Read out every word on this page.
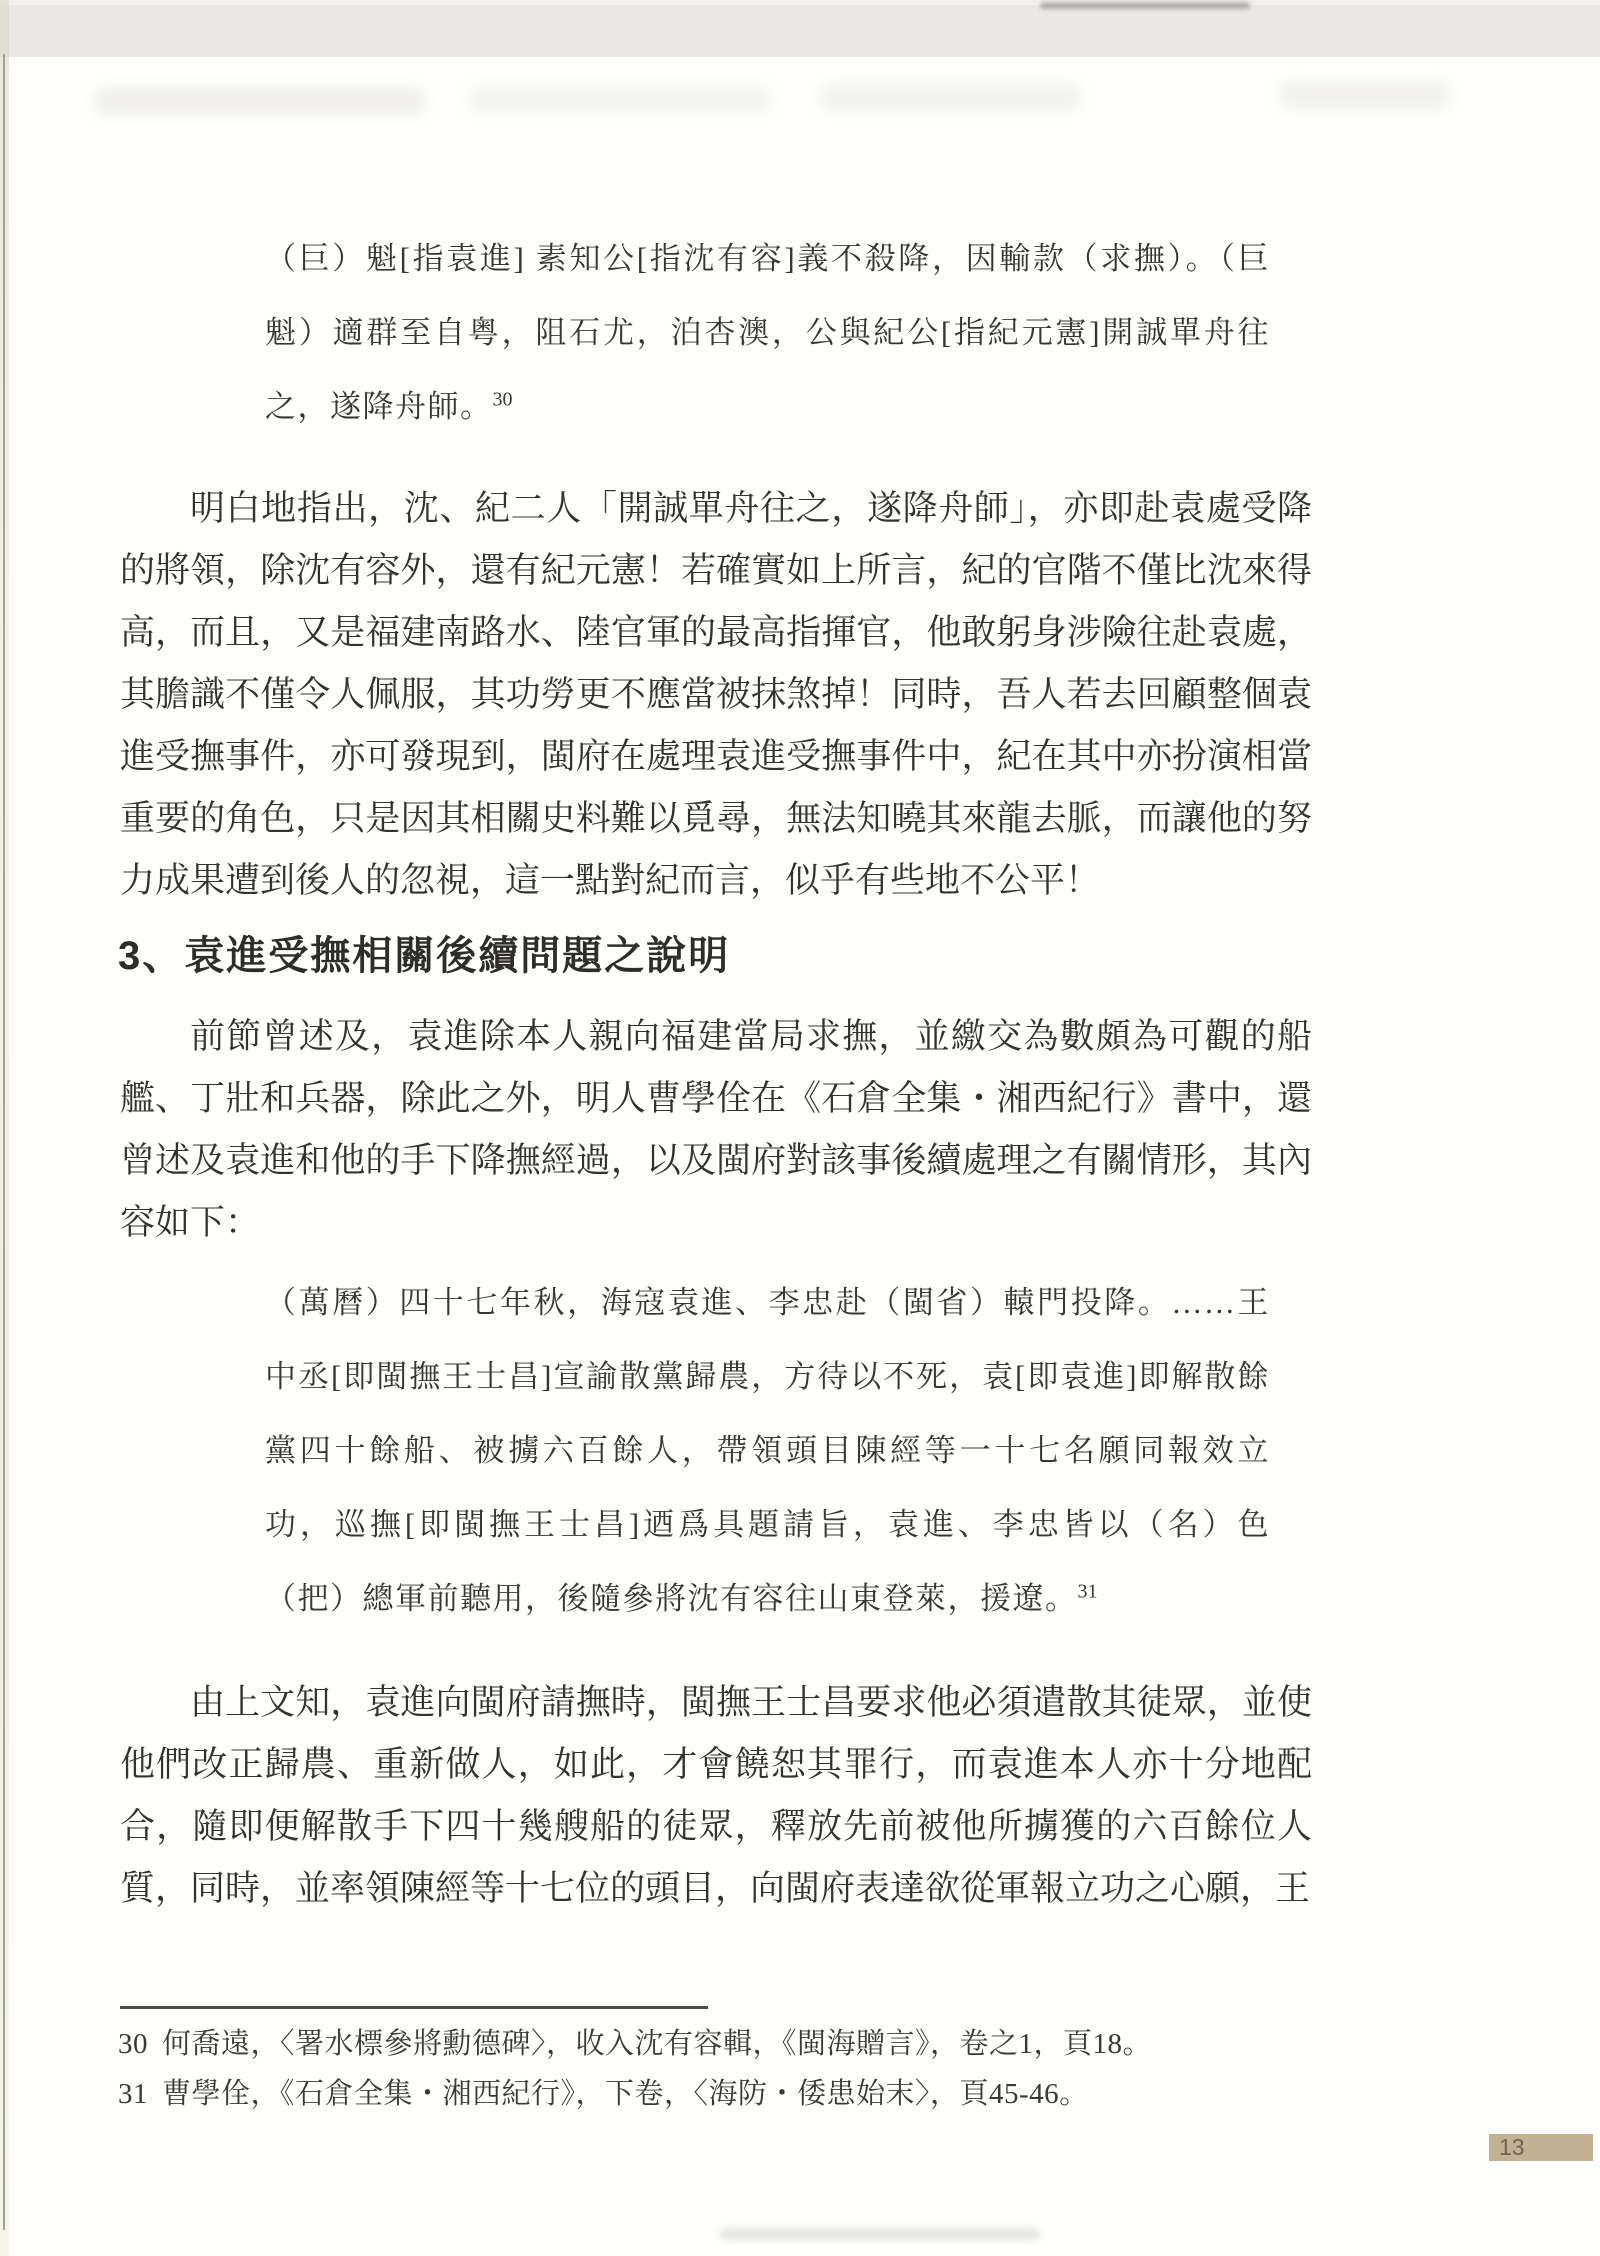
（巨）魁[指袁進] 素知公[指沈有容]義不殺降，因輸款（求撫）。（巨魁）適群至自粤，阻石尤，泊杏澳，公與紀公[指紀元憲]開誠單舟往之，遂降舟師。$^{30}$
明白地指出，沈、紀二人「開誠單舟往之，遂降舟師」，亦即赴袁處受降的將領，除沈有容外，還有紀元憲！若確實如上所言，紀的官階不僅比沈來得高，而且，又是福建南路水、陸官軍的最高指揮官，他敢躬身涉險往赴袁處，其膽識不僅令人佩服，其功勞更不應當被抹煞掉！同時，吾人若去回顧整個袁進受撫事件，亦可發現到，閩府在處理袁進受撫事件中，紀在其中亦扮演相當重要的角色，只是因其相關史料難以覓尋，無法知曉其來龍去脈，而讓他的努力成果遭到後人的忽視，這一點對紀而言，似乎有些地不公平！
3、袁進受撫相關後續問題之說明
前節曾述及，袁進除本人親向福建當局求撫，並繳交為數頗為可觀的船艦、丁壯和兵器，除此之外，明人曹學佺在《石倉全集・湘西紀行》書中，還曾述及袁進和他的手下降撫經過，以及閩府對該事後續處理之有關情形，其內容如下：
（萬曆）四十七年秋，海寇袁進、李忠赴（閩省）轅門投降。……王中丞[即閩撫王士昌]宣諭散黨歸農，方待以不死，袁[即袁進]即解散餘黨四十餘船、被擄六百餘人，帶領頭目陳經等一十七名願同報效立功，巡撫[即閩撫王士昌]迺爲具題請旨，袁進、李忠皆以（名）色（把）總軍前聽用，後隨參將沈有容往山東登萊，援遼。$^{31}$
由上文知，袁進向閩府請撫時，閩撫王士昌要求他必須遣散其徒眾，並使他們改正歸農、重新做人，如此，才會饒恕其罪行，而袁進本人亦十分地配合，隨即便解散手下四十幾艘船的徒眾，釋放先前被他所擄獲的六百餘位人質，同時，並率領陳經等十七位的頭目，向閩府表達欲從軍報立功之心願，王
30 何喬遠，〈署水標參將勳德碑〉，收入沈有容輯，《閩海贈言》，卷之1，頁18。
31 曹學佺，《石倉全集・湘西紀行》，下卷，〈海防・倭患始末〉，頁45-46。
13
